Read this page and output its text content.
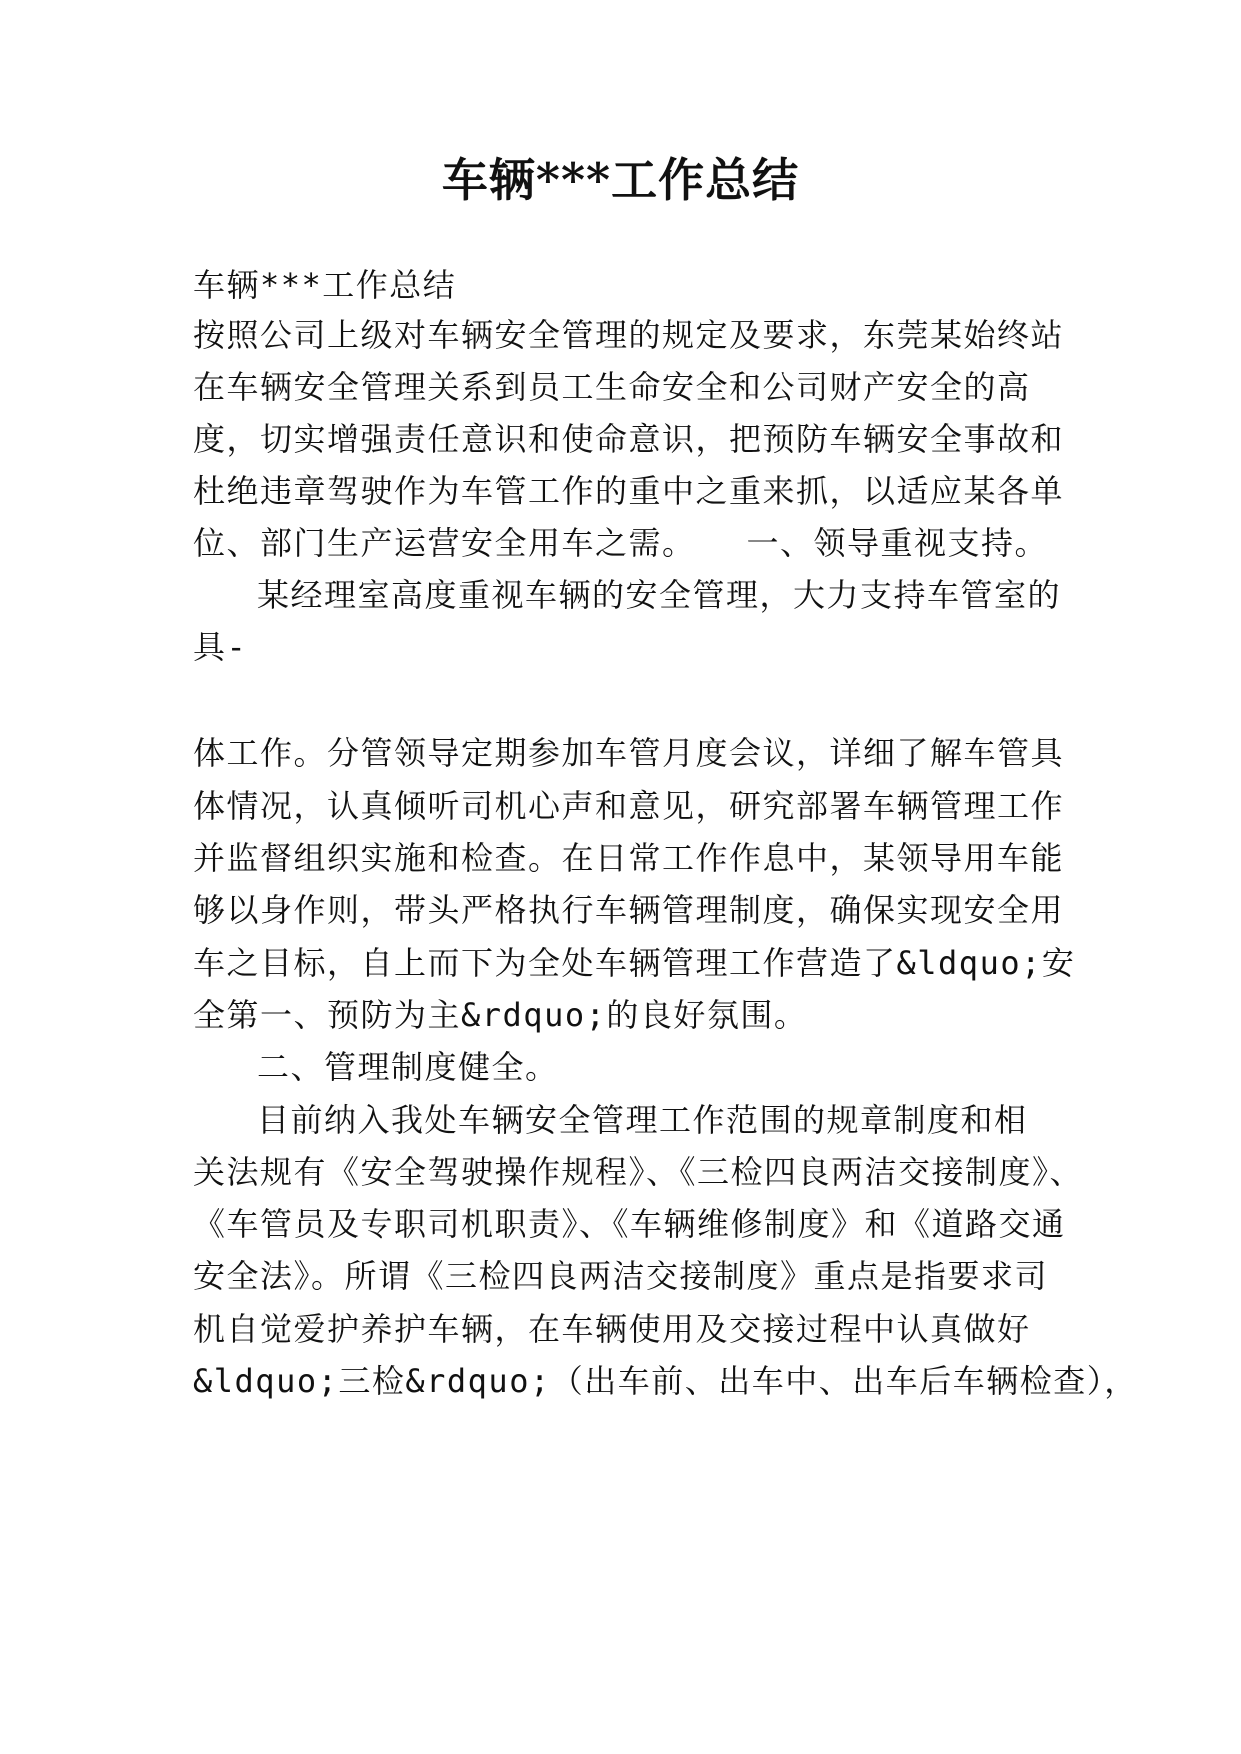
车辆***工作总结

车辆***工作总结

按照公司上级对车辆安全管理的规定及要求，东莞某始终站

在车辆安全管理关系到员工生命安全和公司财产安全的高

度，切实增强责任意识和使命意识，把预防车辆安全事故和

杜绝违章驾驶作为车管工作的重中之重来抓，以适应某各单

位、部门生产运营安全用车之需。　　一、领导重视支持。

某经理室高度重视车辆的安全管理，大力支持车管室的

具-

体工作。分管领导定期参加车管月度会议，详细了解车管具

体情况，认真倾听司机心声和意见，研究部署车辆管理工作

并监督组织实施和检查。在日常工作作息中，某领导用车能

够以身作则，带头严格执行车辆管理制度，确保实现安全用

车之目标，自上而下为全处车辆管理工作营造了&ldquo;安

全第一、预防为主&rdquo;的良好氛围。

二、管理制度健全。

目前纳入我处车辆安全管理工作范围的规章制度和相

关法规有《安全驾驶操作规程》、《三检四良两洁交接制度》、

《车管员及专职司机职责》、《车辆维修制度》和《道路交通

安全法》。所谓《三检四良两洁交接制度》重点是指要求司

机自觉爱护养护车辆，在车辆使用及交接过程中认真做好

&ldquo;三检&rdquo;（出车前、出车中、出车后车辆检查），
